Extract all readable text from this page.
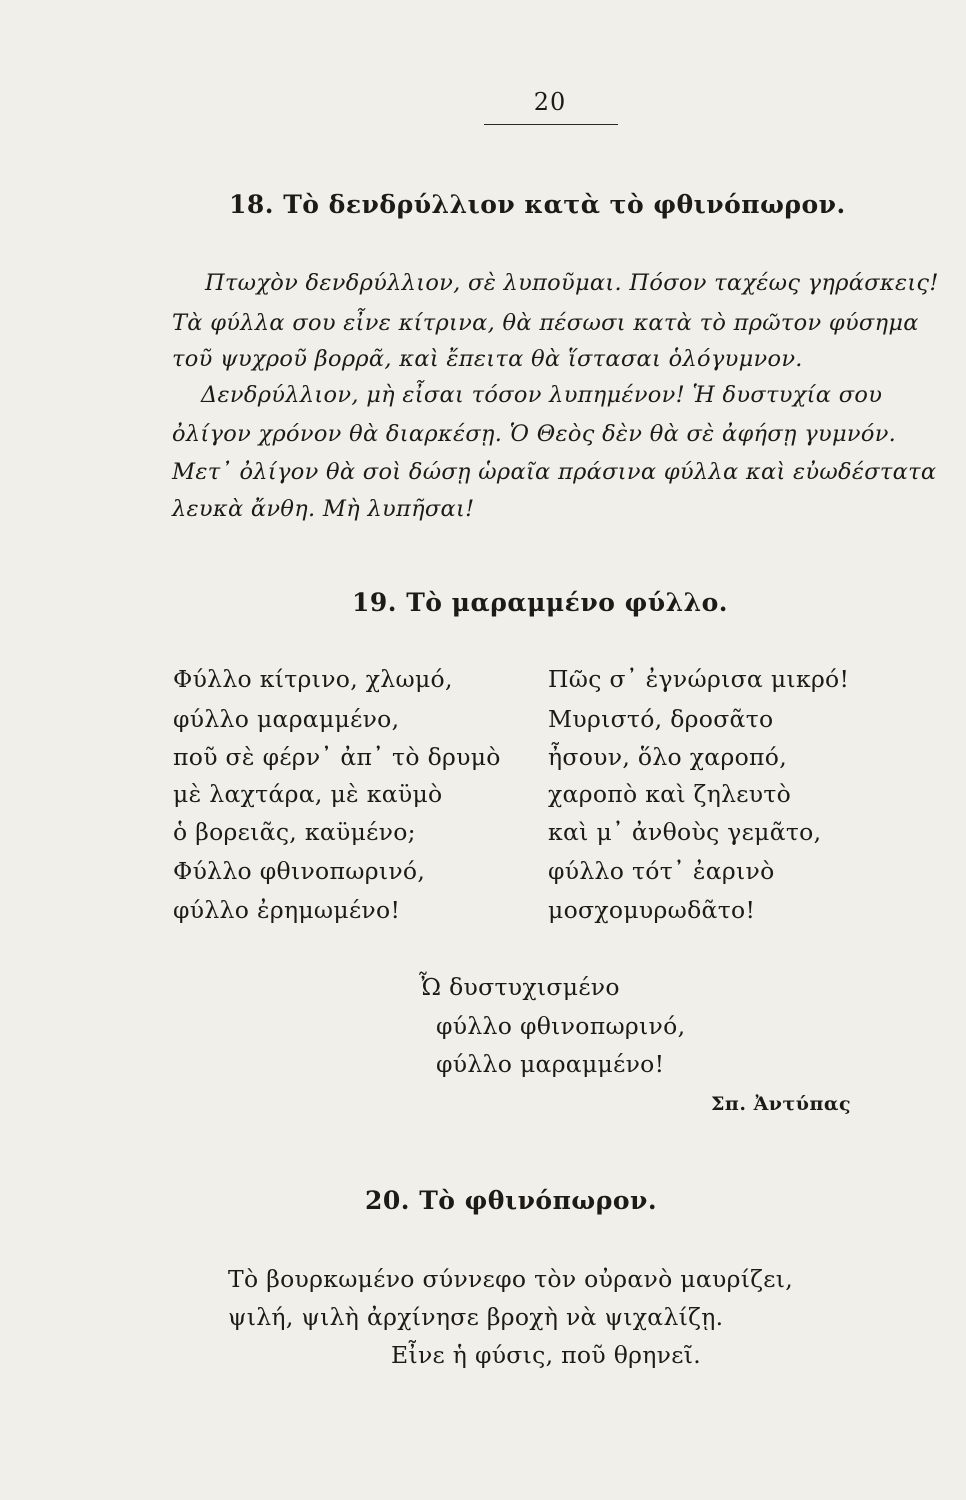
20
18. Τὸ δενδρύλλιον κατὰ τὸ φθινόπωρον.
Πτωχὸν δενδρύλλιον, σὲ λυποῦμαι. Πόσον ταχέως γηράσκεις!
Τὰ φύλλα σου εἶνε κίτρινα, θὰ πέσωσι κατὰ τὸ πρῶτον φύσημα
τοῦ ψυχροῦ βορρᾶ, καὶ ἔπειτα θὰ ἵστασαι ὁλόγυμνον.
Δενδρύλλιον, μὴ εἶσαι τόσον λυπημένον! Ἡ δυστυχία σου
ὀλίγον χρόνον θὰ διαρκέσῃ. Ὁ Θεὸς δὲν θὰ σὲ ἀφήσῃ γυμνόν.
Μετ᾽ ὀλίγον θὰ σοὶ δώσῃ ὡραῖα πράσινα φύλλα καὶ εὐωδέστατα
λευκὰ ἄνθη. Μὴ λυπῆσαι!
19. Τὸ μαραμμένο φύλλο.
Φύλλο κίτρινο, χλωμό,
φύλλο μαραμμένο,
ποῦ σὲ φέρν᾽ ἀπ᾽ τὸ δρυμὸ
μὲ λαχτάρα, μὲ καϋμὸ
ὁ βορειᾶς, καϋμένο;
Φύλλο φθινοπωρινό,
φύλλο ἐρημωμένο!
Πῶς σ᾽ ἐγνώρισα μικρό!
Μυριστό, δροσᾶτο
ἦσουν, ὅλο χαροπό,
χαροπὸ καὶ ζηλευτὸ
καὶ μ᾽ ἀνθοὺς γεμᾶτο,
φύλλο τότ᾽ ἐαρινὸ
μοσχομυρωδᾶτο!
Ὦ δυστυχισμένο
φύλλο φθινοπωρινό,
φύλλο μαραμμένο!
Σπ. Ἀντύπας
20. Τὸ φθινόπωρον.
Τὸ βουρκωμένο σύννεφο τὸν οὐρανὸ μαυρίζει,
ψιλή, ψιλὴ ἀρχίνησε βροχὴ νὰ ψιχαλίζῃ.
Εἶνε ἡ φύσις, ποῦ θρηνεῖ.
